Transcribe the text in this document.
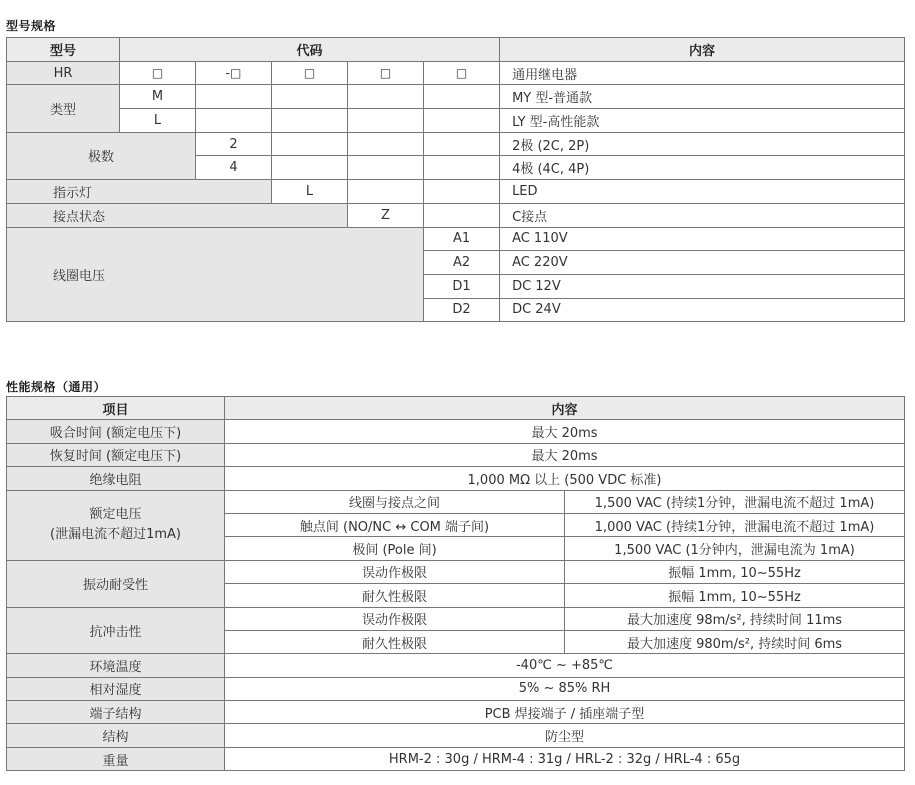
型号规格
型号	代码					内容
HR	□	-□	□	□	□	通用继电器
类型	M					MY 型-普通款
	L					LY 型-高性能款
极数		2				2极 (2C, 2P)
		4				4极 (4C, 4P)
指示灯			L			LED
接点状态				Z		C接点
线圈电压					A1	AC 110V
					A2	AC 220V
					D1	DC 12V
					D2	DC 24V
性能规格（通用）
项目	内容	
吸合时间 (额定电压下)	最大 20ms	
恢复时间 (额定电压下)	最大 20ms	
绝缘电阻	1,000 MΩ 以上 (500 VDC 标准)	

额定电压
(泄漏电流不超过1mA)	线圈与接点之间	1,500 VAC (持续1分钟，泄漏电流不超过 1mA)
	触点间 (NO/NC ↔ COM 端子间)	1,000 VAC (持续1分钟，泄漏电流不超过 1mA)
	极间 (Pole 间)	1,500 VAC (1分钟内，泄漏电流为 1mA)
振动耐受性	误动作极限	振幅 1mm, 10~55Hz
	耐久性极限	振幅 1mm, 10~55Hz
抗冲击性	误动作极限	最大加速度 98m/s², 持续时间 11ms
	耐久性极限	最大加速度 980m/s², 持续时间 6ms
环境温度	-40℃ ~ +85℃	
相对湿度	5% ~ 85% RH	
端子结构	PCB 焊接端子 / 插座端子型	
结构	防尘型	
重量	HRM-2 : 30g / HRM-4 : 31g / HRL-2 : 32g / HRL-4 : 65g	
